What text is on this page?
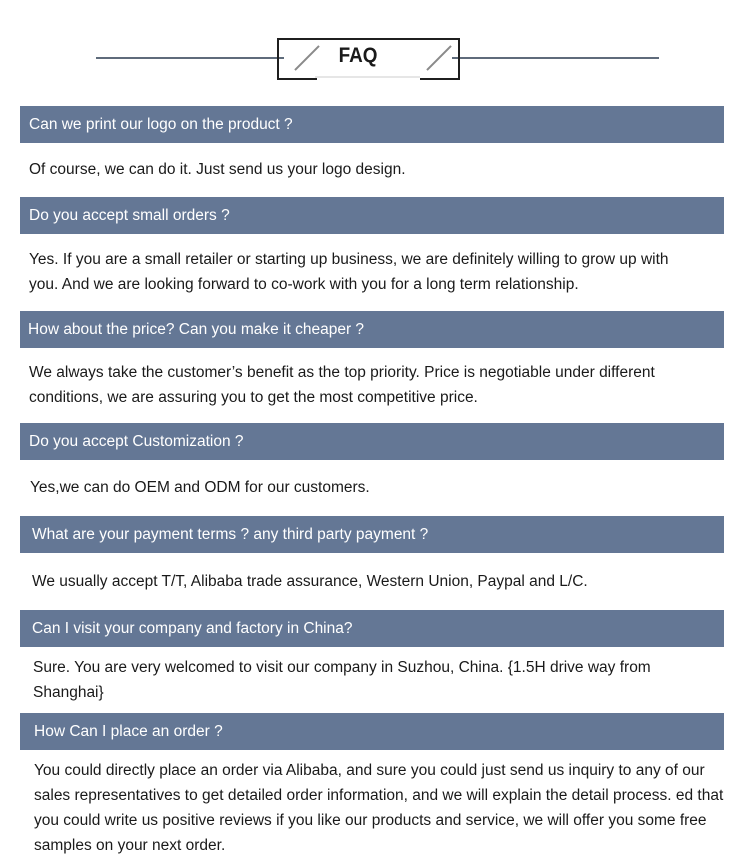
FAQ
Can we print our logo on the product ?
Of course, we can do it. Just send us your logo design.
Do you accept small orders ?
Yes. If you are a small retailer or starting up business, we are definitely willing to grow up with you. And we are looking forward to co-work with you for a long term relationship.
How about the price? Can you make it cheaper ?
We always take the customer’s benefit as the top priority. Price is negotiable under different conditions, we are assuring you to get the most competitive price.
Do you accept Customization ?
Yes,we can do OEM and ODM for our customers.
What are your payment terms ? any third party payment ?
We usually accept T/T, Alibaba trade assurance, Western Union, Paypal and L/C.
Can I visit your company and factory in China?
Sure. You are very welcomed to visit our company in Suzhou, China. {1.5H drive way from Shanghai}
How Can I place an order ?
You could directly place an order via Alibaba, and sure you could just send us inquiry to any of our sales representatives to get detailed order information, and we will explain the detail process. ed that you could write us positive reviews if you like our products and service, we will offer you some free samples on your next order.
